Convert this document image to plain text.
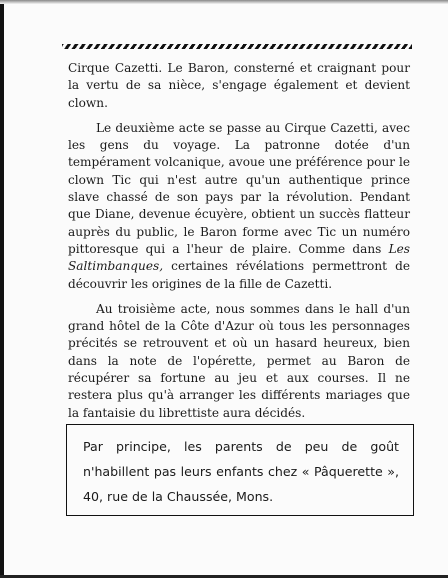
Cirque Cazetti. Le Baron, consterné et craignant pour la vertu de sa nièce, s'engage également et devient clown.

Le deuxième acte se passe au Cirque Cazetti, avec les gens du voyage. La patronne dotée d'un tempérament volcanique, avoue une préférence pour le clown Tic qui n'est autre qu'un authentique prince slave chassé de son pays par la révolution. Pendant que Diane, devenue écuyère, obtient un succès flatteur auprès du public, le Baron forme avec Tic un numéro pittoresque qui a l'heur de plaire. Comme dans Les Saltimbanques, certaines révélations permettront de découvrir les origines de la fille de Cazetti.

Au troisième acte, nous sommes dans le hall d'un grand hôtel de la Côte d'Azur où tous les personnages précités se retrouvent et où un hasard heureux, bien dans la note de l'opérette, permet au Baron de récupérer sa fortune au jeu et aux courses. Il ne restera plus qu'à arranger les différents mariages que la fantaisie du librettiste aura décidés.

Par principe, les parents de peu de goût n'habillent pas leurs enfants chez « Pâquerette », 40, rue de la Chaussée, Mons.
